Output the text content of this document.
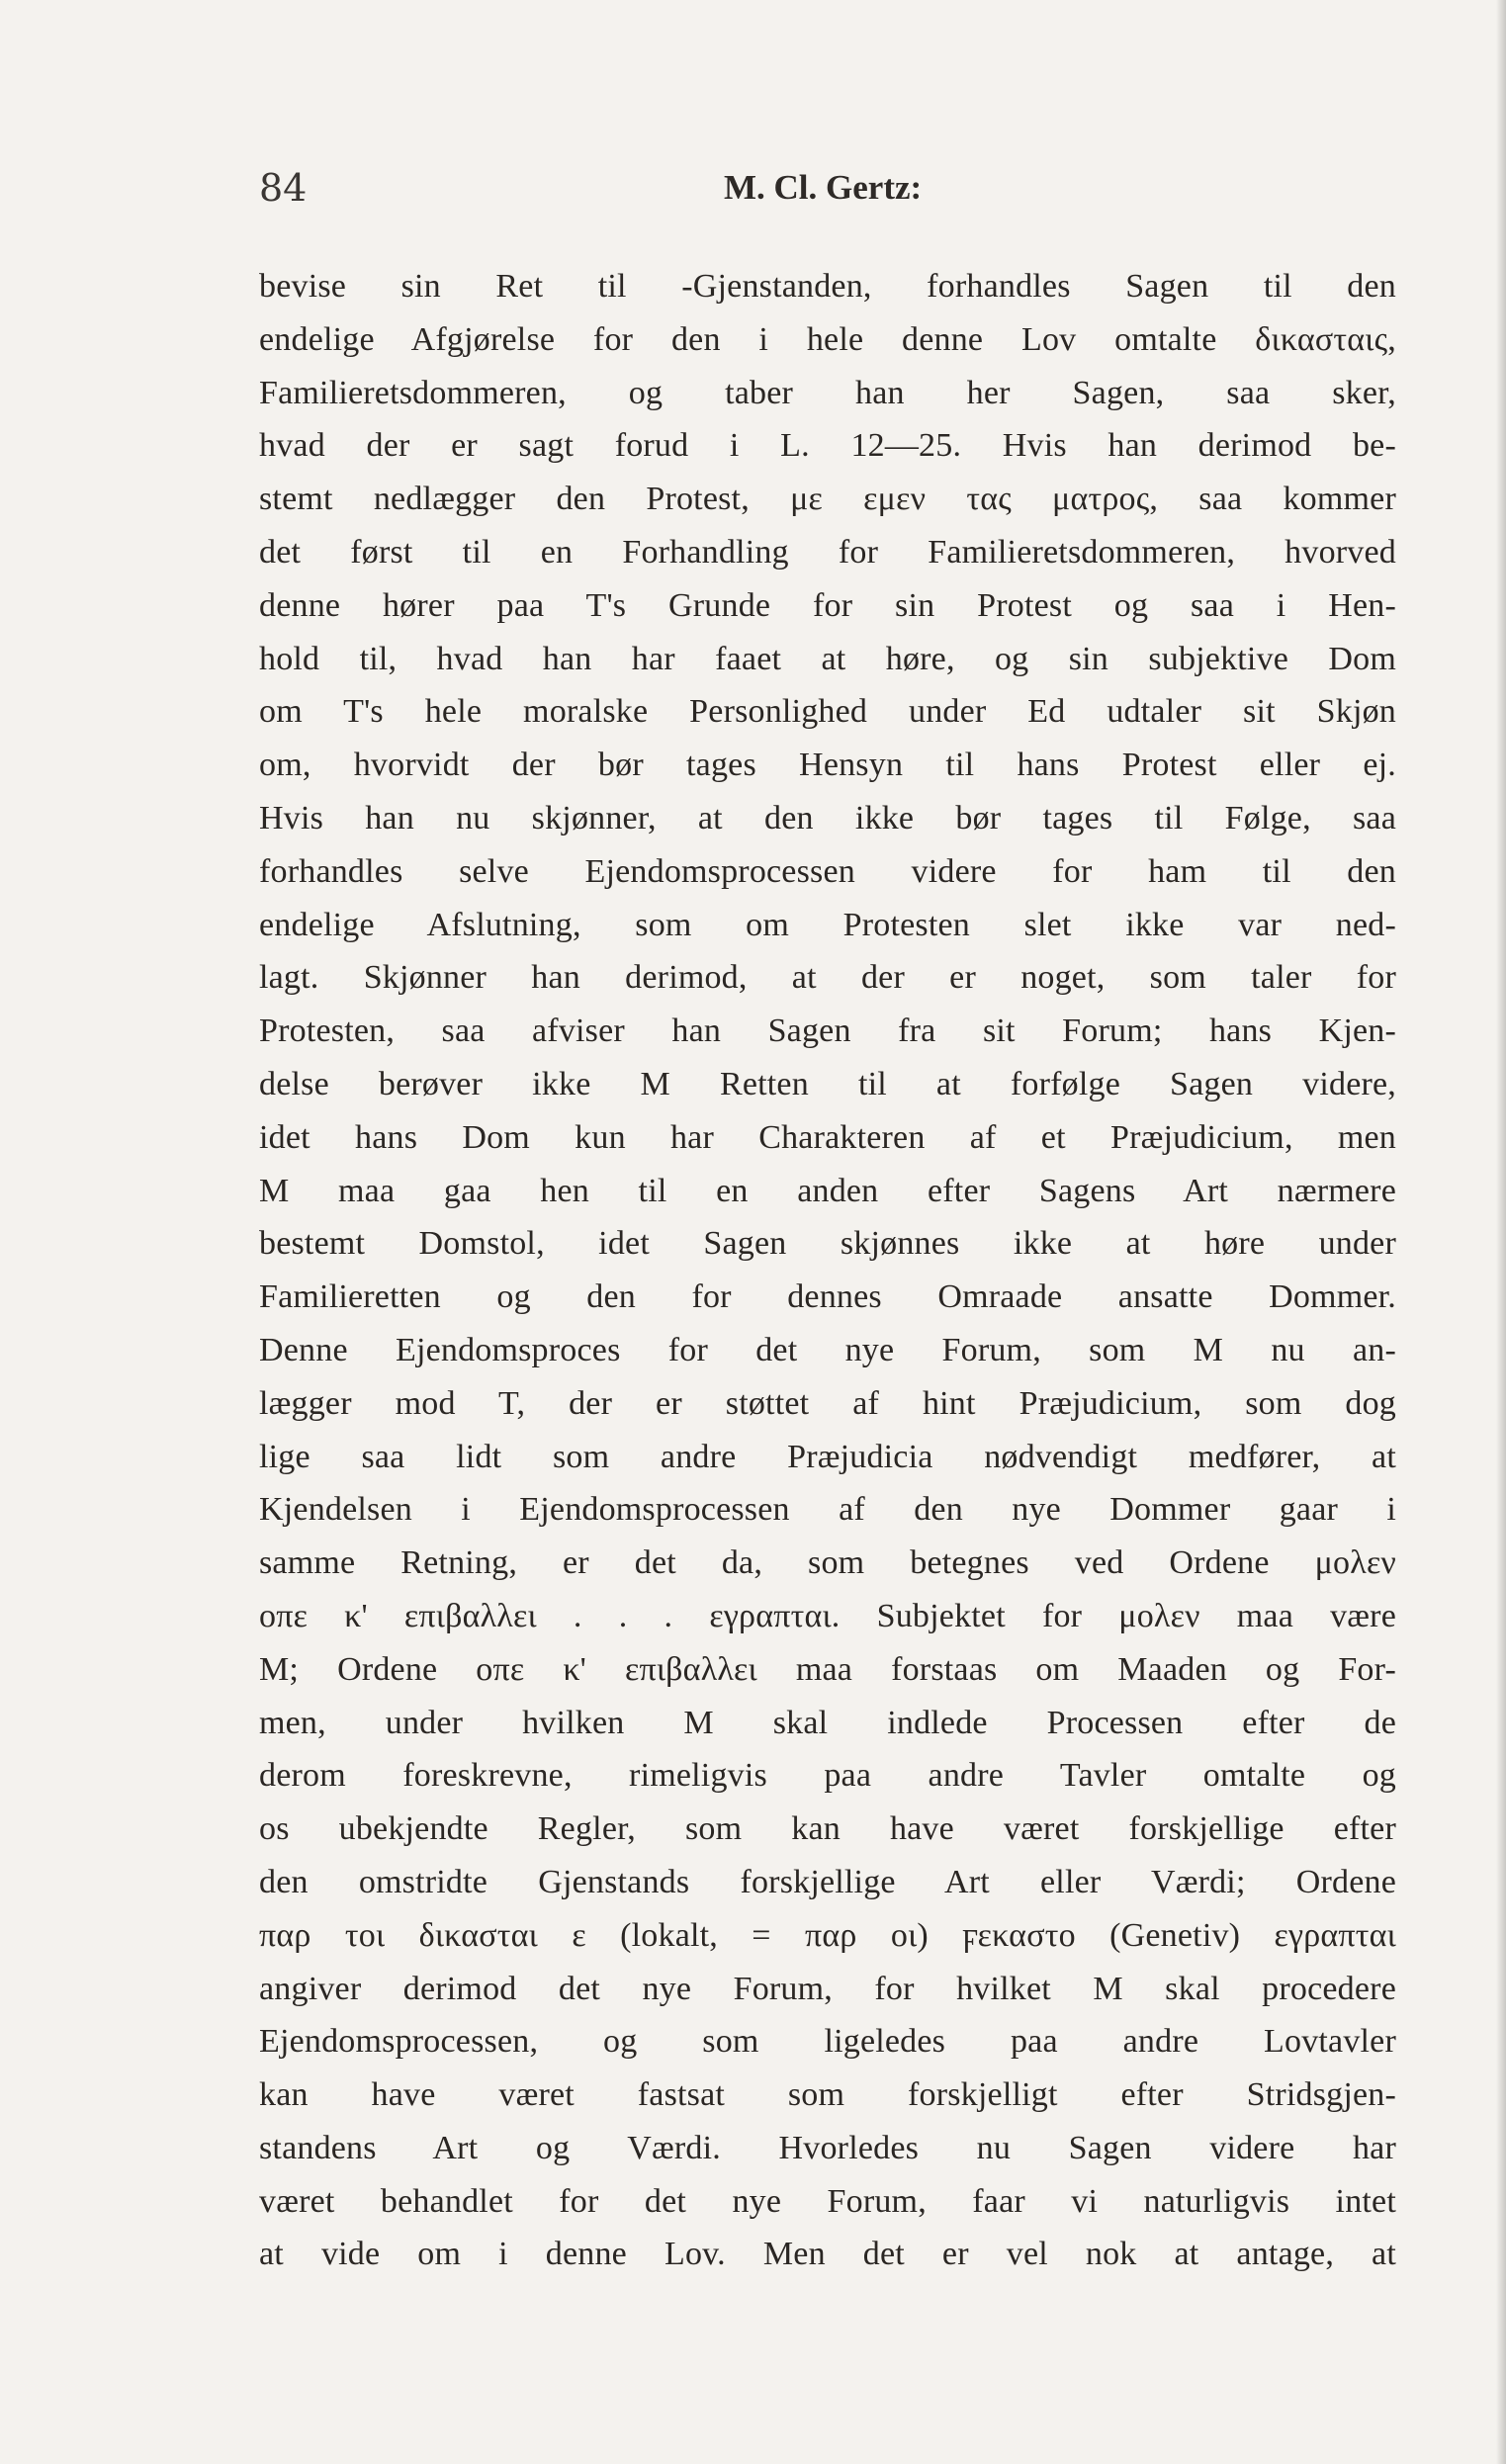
84	M. Cl. Gertz:
bevise sin Ret til -Gjenstanden, forhandles Sagen til den
endelige Afgjørelse for den i hele denne Lov omtalte δικασταις,
Familieretsdommeren, og taber han her Sagen, saa sker,
hvad der er sagt forud i L. 12—25. Hvis han derimod be-
stemt nedlægger den Protest, με εμεν τας ματρος, saa kommer
det først til en Forhandling for Familieretsdommeren, hvorved
denne hører paa T's Grunde for sin Protest og saa i Hen-
hold til, hvad han har faaet at høre, og sin subjektive Dom
om T's hele moralske Personlighed under Ed udtaler sit Skjøn
om, hvorvidt der bør tages Hensyn til hans Protest eller ej.
Hvis han nu skjønner, at den ikke bør tages til Følge, saa
forhandles selve Ejendomsprocessen videre for ham til den
endelige Afslutning, som om Protesten slet ikke var ned-
lagt. Skjønner han derimod, at der er noget, som taler for
Protesten, saa afviser han Sagen fra sit Forum; hans Kjen-
delse berøver ikke M Retten til at forfølge Sagen videre,
idet hans Dom kun har Charakteren af et Præjudicium, men
M maa gaa hen til en anden efter Sagens Art nærmere
bestemt Domstol, idet Sagen skjønnes ikke at høre under
Familieretten og den for dennes Omraade ansatte Dommer.
Denne Ejendomsproces for det nye Forum, som M nu an-
lægger mod T, der er støttet af hint Præjudicium, som dog
lige saa lidt som andre Præjudicia nødvendigt medfører, at
Kjendelsen i Ejendomsprocessen af den nye Dommer gaar i
samme Retning, er det da, som betegnes ved Ordene μολεν
οπε κ' επιβαλλει . . . εγραπται. Subjektet for μολεν maa være
M; Ordene οπε κ' επιβαλλει maa forstaas om Maaden og For-
men, under hvilken M skal indlede Processen efter de
derom foreskrevne, rimeligvis paa andre Tavler omtalte og
os ubekjendte Regler, som kan have været forskjellige efter
den omstridte Gjenstands forskjellige Art eller Værdi; Ordene
παρ τοι δικασται ε (lokalt, = παρ οι) ϝεκαστο (Genetiv) εγραπται
angiver derimod det nye Forum, for hvilket M skal procedere
Ejendomsprocessen, og som ligeledes paa andre Lovtavler
kan have været fastsat som forskjelligt efter Stridsgjen-
standens Art og Værdi. Hvorledes nu Sagen videre har
været behandlet for det nye Forum, faar vi naturligvis intet
at vide om i denne Lov. Men det er vel nok at antage, at
